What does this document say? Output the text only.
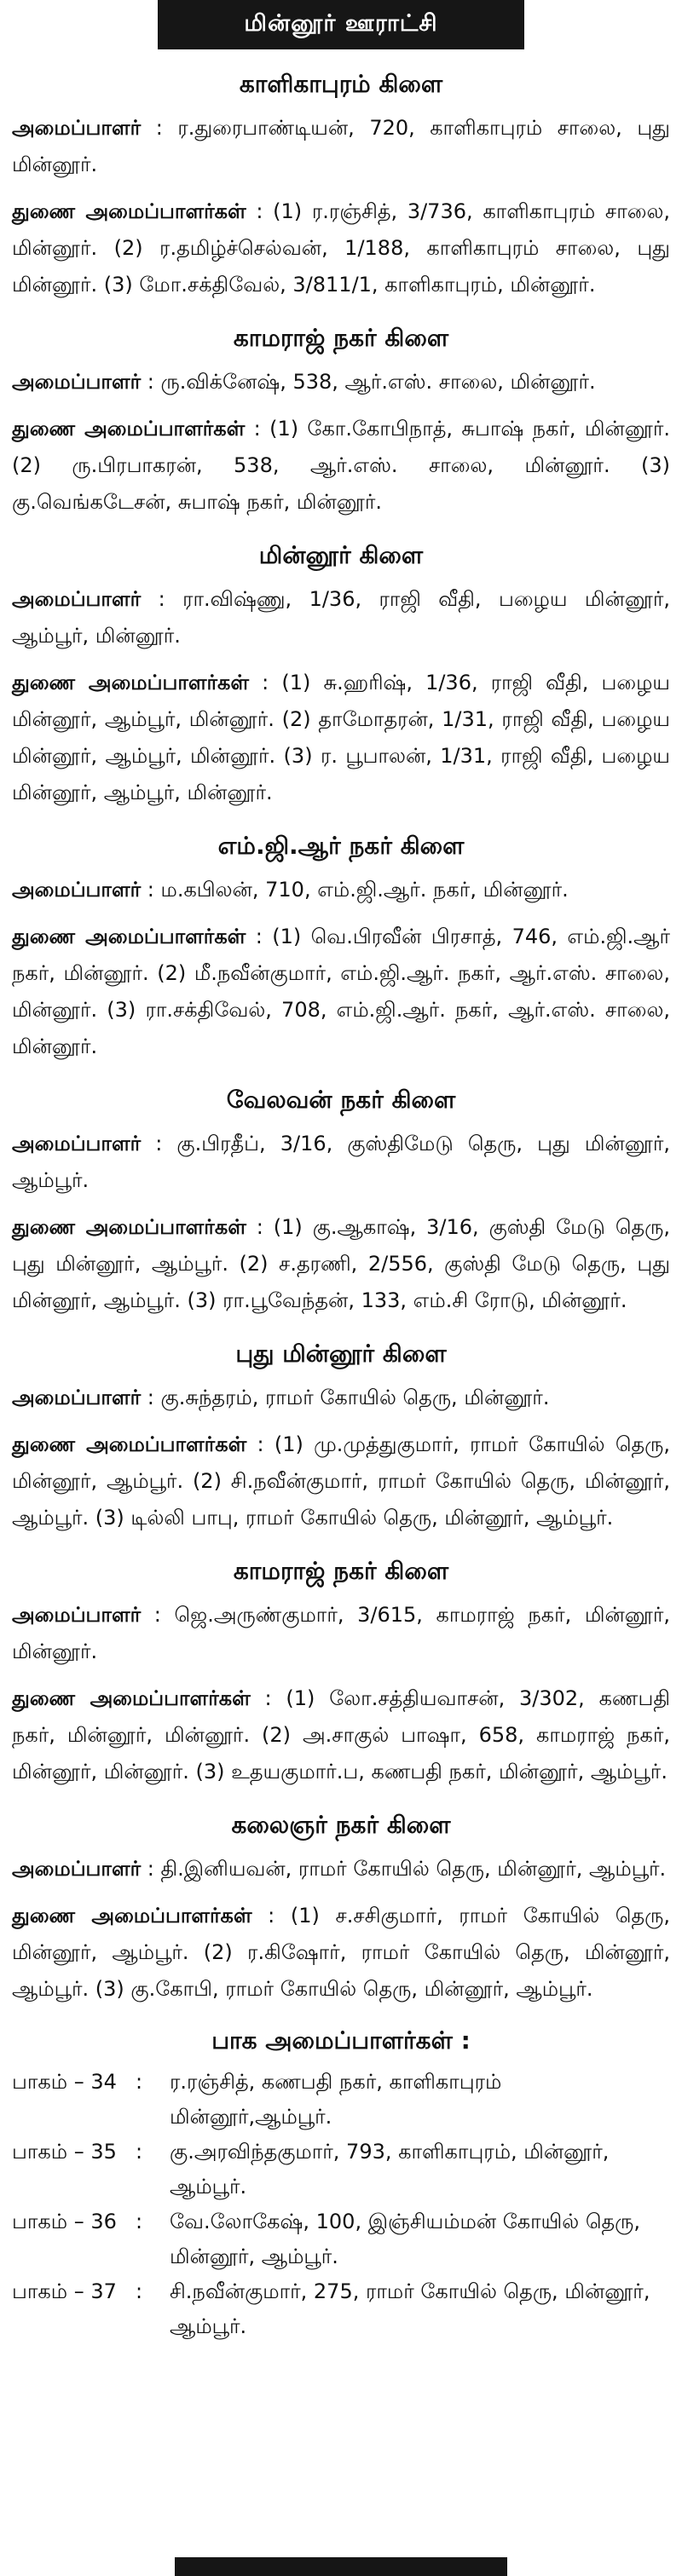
மின்னூர் ஊராட்சி
காளிகாபுரம் கிளை

அமைப்பாளர் : ர.துரைபாண்டியன், 720, காளிகாபுரம் சாலை, புது மின்னூர்.

துணை அமைப்பாளர்கள் : (1) ர.ரஞ்சித், 3/736, காளிகாபுரம் சாலை, மின்னூர். (2) ர.தமிழ்ச்செல்வன், 1/188, காளிகாபுரம் சாலை, புது மின்னூர். (3) மோ.சக்திவேல், 3/811/1, காளிகாபுரம், மின்னூர்.

காமராஜ் நகர் கிளை

அமைப்பாளர் : ரு.விக்னேஷ், 538, ஆர்.எஸ். சாலை, மின்னூர்.

துணை அமைப்பாளர்கள் : (1) கோ.கோபிநாத், சுபாஷ் நகர், மின்னூர். (2) ரு.பிரபாகரன், 538, ஆர்.எஸ். சாலை, மின்னூர். (3) கு.வெங்கடேசன், சுபாஷ் நகர், மின்னூர்.

மின்னூர் கிளை

அமைப்பாளர் : ரா.விஷ்ணு, 1/36, ராஜி வீதி, பழைய மின்னூர், ஆம்பூர், மின்னூர்.

துணை அமைப்பாளர்கள் : (1) சு.ஹரிஷ், 1/36, ராஜி வீதி, பழைய மின்னூர், ஆம்பூர், மின்னூர். (2) தாமோதரன், 1/31, ராஜி வீதி, பழைய மின்னூர், ஆம்பூர், மின்னூர். (3) ர. பூபாலன், 1/31, ராஜி வீதி, பழைய மின்னூர், ஆம்பூர், மின்னூர்.

எம்.ஜி.ஆர் நகர் கிளை

அமைப்பாளர் : ம.கபிலன், 710, எம்.ஜி.ஆர். நகர், மின்னூர்.

துணை அமைப்பாளர்கள் : (1) வெ.பிரவீன் பிரசாத், 746, எம்.ஜி.ஆர் நகர், மின்னூர். (2) மீ.நவீன்குமார், எம்.ஜி.ஆர். நகர், ஆர்.எஸ். சாலை, மின்னூர். (3) ரா.சக்திவேல், 708, எம்.ஜி.ஆர். நகர், ஆர்.எஸ். சாலை, மின்னூர்.

வேலவன் நகர் கிளை

அமைப்பாளர் : கு.பிரதீப், 3/16, குஸ்திமேடு தெரு, புது மின்னூர், ஆம்பூர்.

துணை அமைப்பாளர்கள் : (1) கு.ஆகாஷ், 3/16, குஸ்தி மேடு தெரு, புது மின்னூர், ஆம்பூர். (2) ச.தரணி, 2/556, குஸ்தி மேடு தெரு, புது மின்னூர், ஆம்பூர். (3) ரா.பூவேந்தன், 133, எம்.சி ரோடு, மின்னூர்.

புது மின்னூர் கிளை

அமைப்பாளர் : கு.சுந்தரம், ராமர் கோயில் தெரு, மின்னூர்.

துணை அமைப்பாளர்கள் : (1) மு.முத்துகுமார், ராமர் கோயில் தெரு, மின்னூர், ஆம்பூர். (2) சி.நவீன்குமார், ராமர் கோயில் தெரு, மின்னூர், ஆம்பூர். (3) டில்லி பாபு, ராமர் கோயில் தெரு, மின்னூர், ஆம்பூர்.

காமராஜ் நகர் கிளை

அமைப்பாளர் : ஜெ.அருண்குமார், 3/615, காமராஜ் நகர், மின்னூர், மின்னூர்.

துணை அமைப்பாளர்கள் : (1) லோ.சத்தியவாசன், 3/302, கணபதி நகர், மின்னூர், மின்னூர். (2) அ.சாகுல் பாஷா, 658, காமராஜ் நகர், மின்னூர், மின்னூர். (3) உதயகுமார்.ப, கணபதி நகர், மின்னூர், ஆம்பூர்.

கலைஞர் நகர் கிளை

அமைப்பாளர் : தி.இனியவன், ராமர் கோயில் தெரு, மின்னூர், ஆம்பூர்.

துணை அமைப்பாளர்கள் : (1) ச.சசிகுமார், ராமர் கோயில் தெரு, மின்னூர், ஆம்பூர். (2) ர.கிஷோர், ராமர் கோயில் தெரு, மின்னூர், ஆம்பூர். (3) கு.கோபி, ராமர் கோயில் தெரு, மின்னூர், ஆம்பூர்.

பாக அமைப்பாளர்கள் :
பாகம் – 34 :	ர.ரஞ்சித், கணபதி நகர், காளிகாபுரம் மின்னூர்,ஆம்பூர்.
பாகம் – 35 :	கு.அரவிந்தகுமார், 793, காளிகாபுரம், மின்னூர், ஆம்பூர்.
பாகம் – 36 :	வே.லோகேஷ், 100, இஞ்சியம்மன் கோயில் தெரு, மின்னூர், ஆம்பூர்.
பாகம் – 37 :	சி.நவீன்குமார், 275, ராமர் கோயில் தெரு, மின்னூர், ஆம்பூர்.
